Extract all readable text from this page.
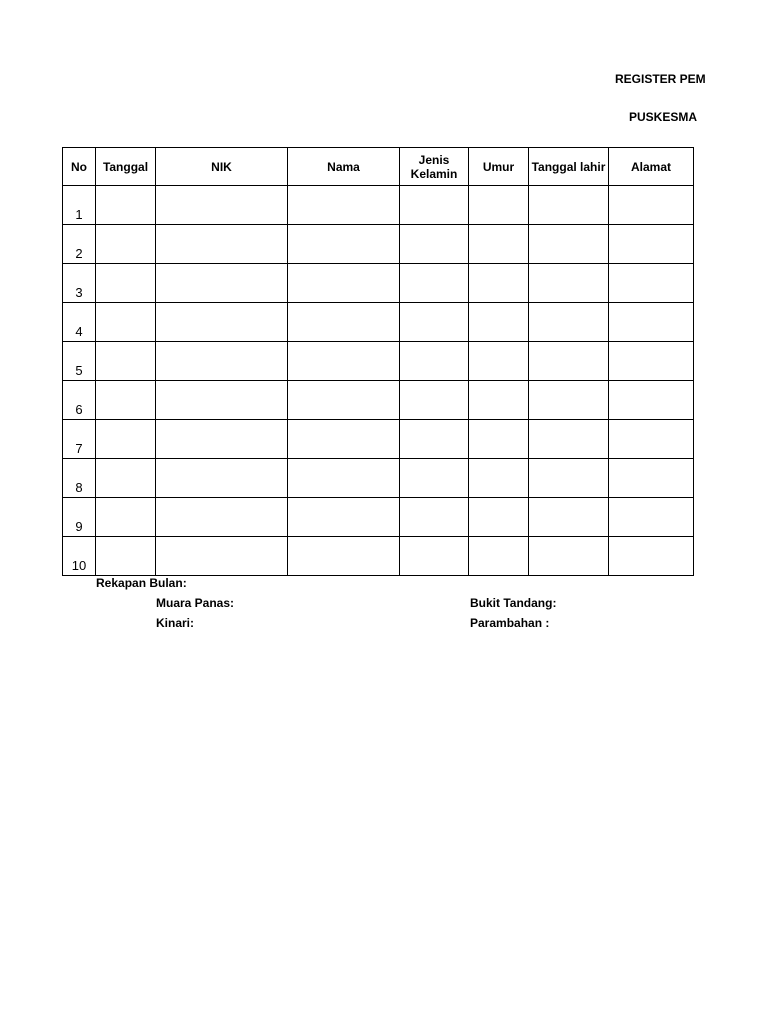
REGISTER PEM
PUSKESMA
No	Tanggal	NIK	Nama	Jenis Kelamin	Umur	Tanggal lahir	Alamat
1							
2							
3							
4							
5							
6							
7							
8							
9							
10							
Rekapan Bulan:
Muara Panas:	Bukit Tandang:
Kinari:	Parambahan :
